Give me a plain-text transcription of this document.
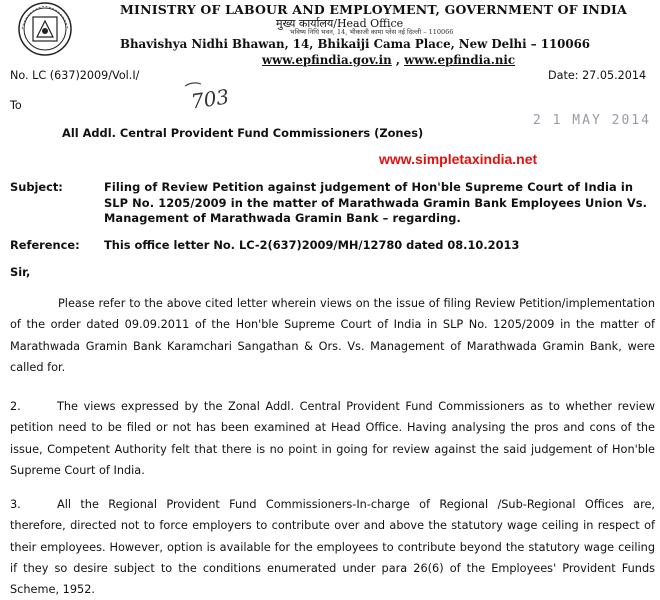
MINISTRY OF LABOUR AND EMPLOYMENT, GOVERNMENT OF INDIA
मुख्य कार्यालय/Head Office
भविष्य निधि भवन, 14, भीकाजी कामा प्लेस नई दिल्ली – 110066
Bhavishya Nidhi Bhawan, 14, Bhikaiji Cama Place, New Delhi – 110066
www.epfindia.gov.in , www.epfindia.nic
No. LC (637)2009/Vol.I/	Date: 27.05.2014
703
To
All Addl. Central Provident Fund Commissioners (Zones)
2 1 MAY 2014
www.simpletaxindia.net
Subject:	Filing of Review Petition against judgement of Hon'ble Supreme Court of India in SLP No. 1205/2009 in the matter of Marathwada Gramin Bank Employees Union Vs. Management of Marathwada Gramin Bank – regarding.
Reference: This office letter No. LC-2(637)2009/MH/12780 dated 08.10.2013
Sir,
Please refer to the above cited letter wherein views on the issue of filing Review Petition/implementation of the order dated 09.09.2011 of the Hon'ble Supreme Court of India in SLP No. 1205/2009 in the matter of Marathwada Gramin Bank Karamchari Sangathan & Ors. Vs. Management of Marathwada Gramin Bank, were called for.
2.	The views expressed by the Zonal Addl. Central Provident Fund Commissioners as to whether review petition need to be filed or not has been examined at Head Office. Having analysing the pros and cons of the issue, Competent Authority felt that there is no point in going for review against the said judgement of Hon'ble Supreme Court of India.
3.	All the Regional Provident Fund Commissioners-In-charge of Regional /Sub-Regional Offices are, therefore, directed not to force employers to contribute over and above the statutory wage ceiling in respect of their employees. However, option is available for the employees to contribute beyond the statutory wage ceiling if they so desire subject to the conditions enumerated under para 26(6) of the Employees' Provident Funds Scheme, 1952.
